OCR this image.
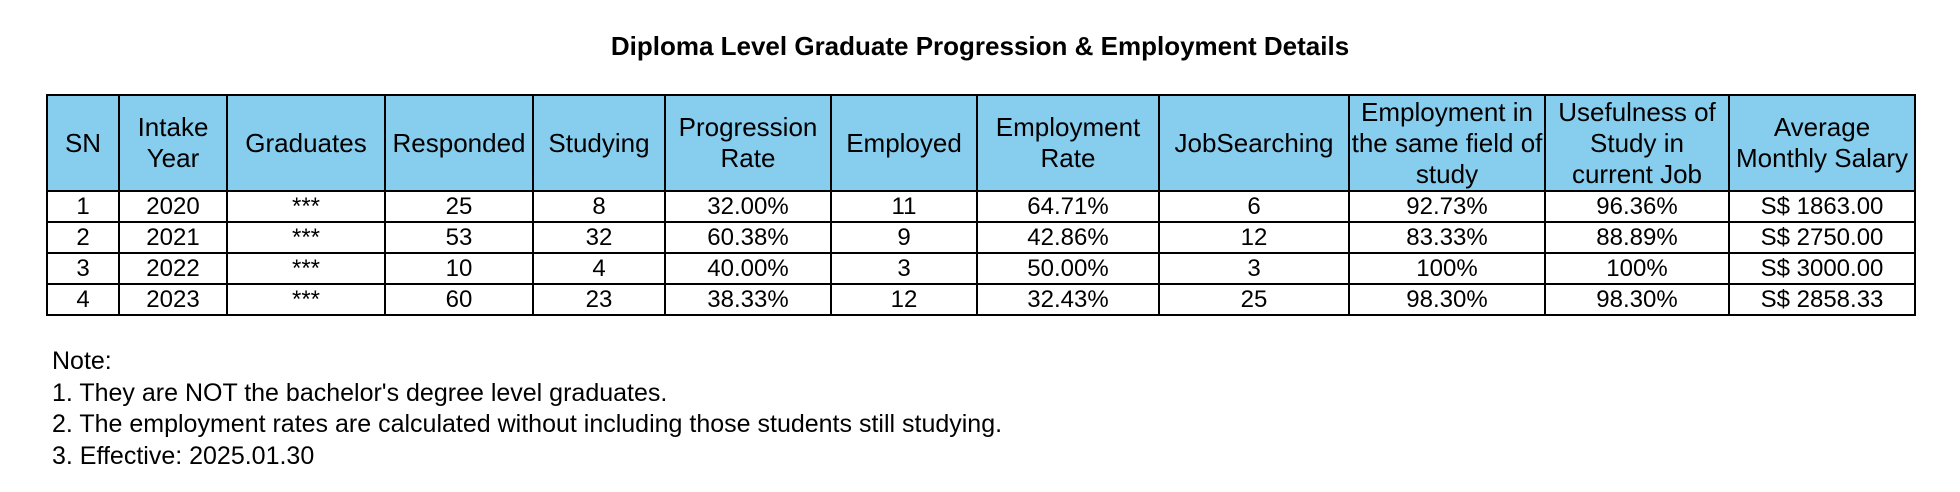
Diploma Level Graduate Progression & Employment Details
SN	Intake Year	Graduates	Responded	Studying	Progression Rate	Employed	Employment Rate	JobSearching	Employment in the same field of study	Usefulness of Study in current Job	Average Monthly Salary
1	2020	***	25	8	32.00%	11	64.71%	6	92.73%	96.36%	S$ 1863.00
2	2021	***	53	32	60.38%	9	42.86%	12	83.33%	88.89%	S$ 2750.00
3	2022	***	10	4	40.00%	3	50.00%	3	100%	100%	S$ 3000.00
4	2023	***	60	23	38.33%	12	32.43%	25	98.30%	98.30%	S$ 2858.33
Note:
1. They are NOT the bachelor's degree level graduates.
2. The employment rates are calculated without including those students still studying.
3. Effective: 2025.01.30
